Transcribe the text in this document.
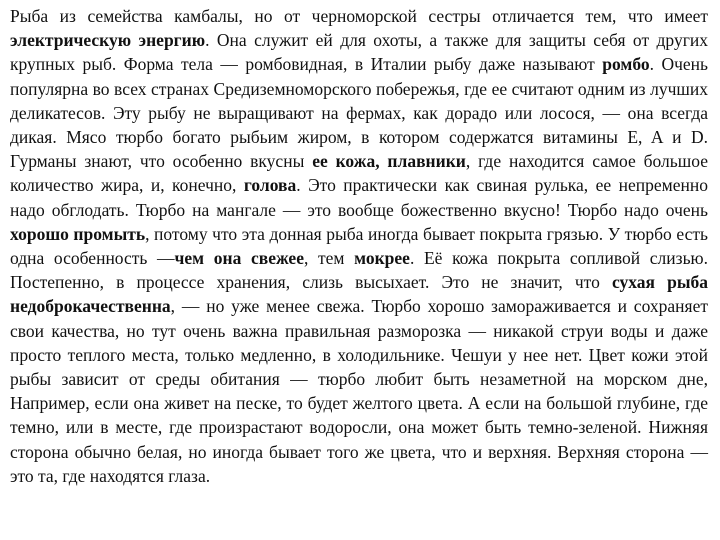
Рыба из семейства камбалы, но от черноморской сестры отличается тем, что имеет электрическую энергию. Она служит ей для охоты, а также для защиты себя от других крупных рыб. Форма тела — ромбовидная, в Италии рыбу даже называют ромбо. Очень популярна во всех странах Средиземноморского побережья, где ее считают одним из лучших деликатесов. Эту рыбу не выращивают на фермах, как дорадо или лосося, — она всегда дикая. Мясо тюрбо богато рыбьим жиром, в котором содержатся витамины E, A и D. Гурманы знают, что особенно вкусны ее кожа, плавники, где находится самое большое количество жира, и, конечно, голова. Это практически как свиная рулька, ее непременно надо обглодать. Тюрбо на мангале — это вообще божественно вкусно! Тюрбо надо очень хорошо промыть, потому что эта донная рыба иногда бывает покрыта грязью. У тюрбо есть одна особенность —чем она свежее, тем мокрее. Её кожа покрыта сопливой слизью. Постепенно, в процессе хранения, слизь высыхает. Это не значит, что сухая рыба недоброкачественна, — но уже менее свежа. Тюрбо хорошо замораживается и сохраняет свои качества, но тут очень важна правильная разморозка — никакой струи воды и даже просто теплого места, только медленно, в холодильнике. Чешуи у нее нет. Цвет кожи этой рыбы зависит от среды обитания — тюрбо любит быть незаметной на морском дне, Например, если она живет на песке, то будет желтого цвета. А если на большой глубине, где темно, или в месте, где произрастают водоросли, она может быть темно-зеленой. Нижняя сторона обычно белая, но иногда бывает того же цвета, что и верхняя. Верхняя сторона — это та, где находятся глаза.
